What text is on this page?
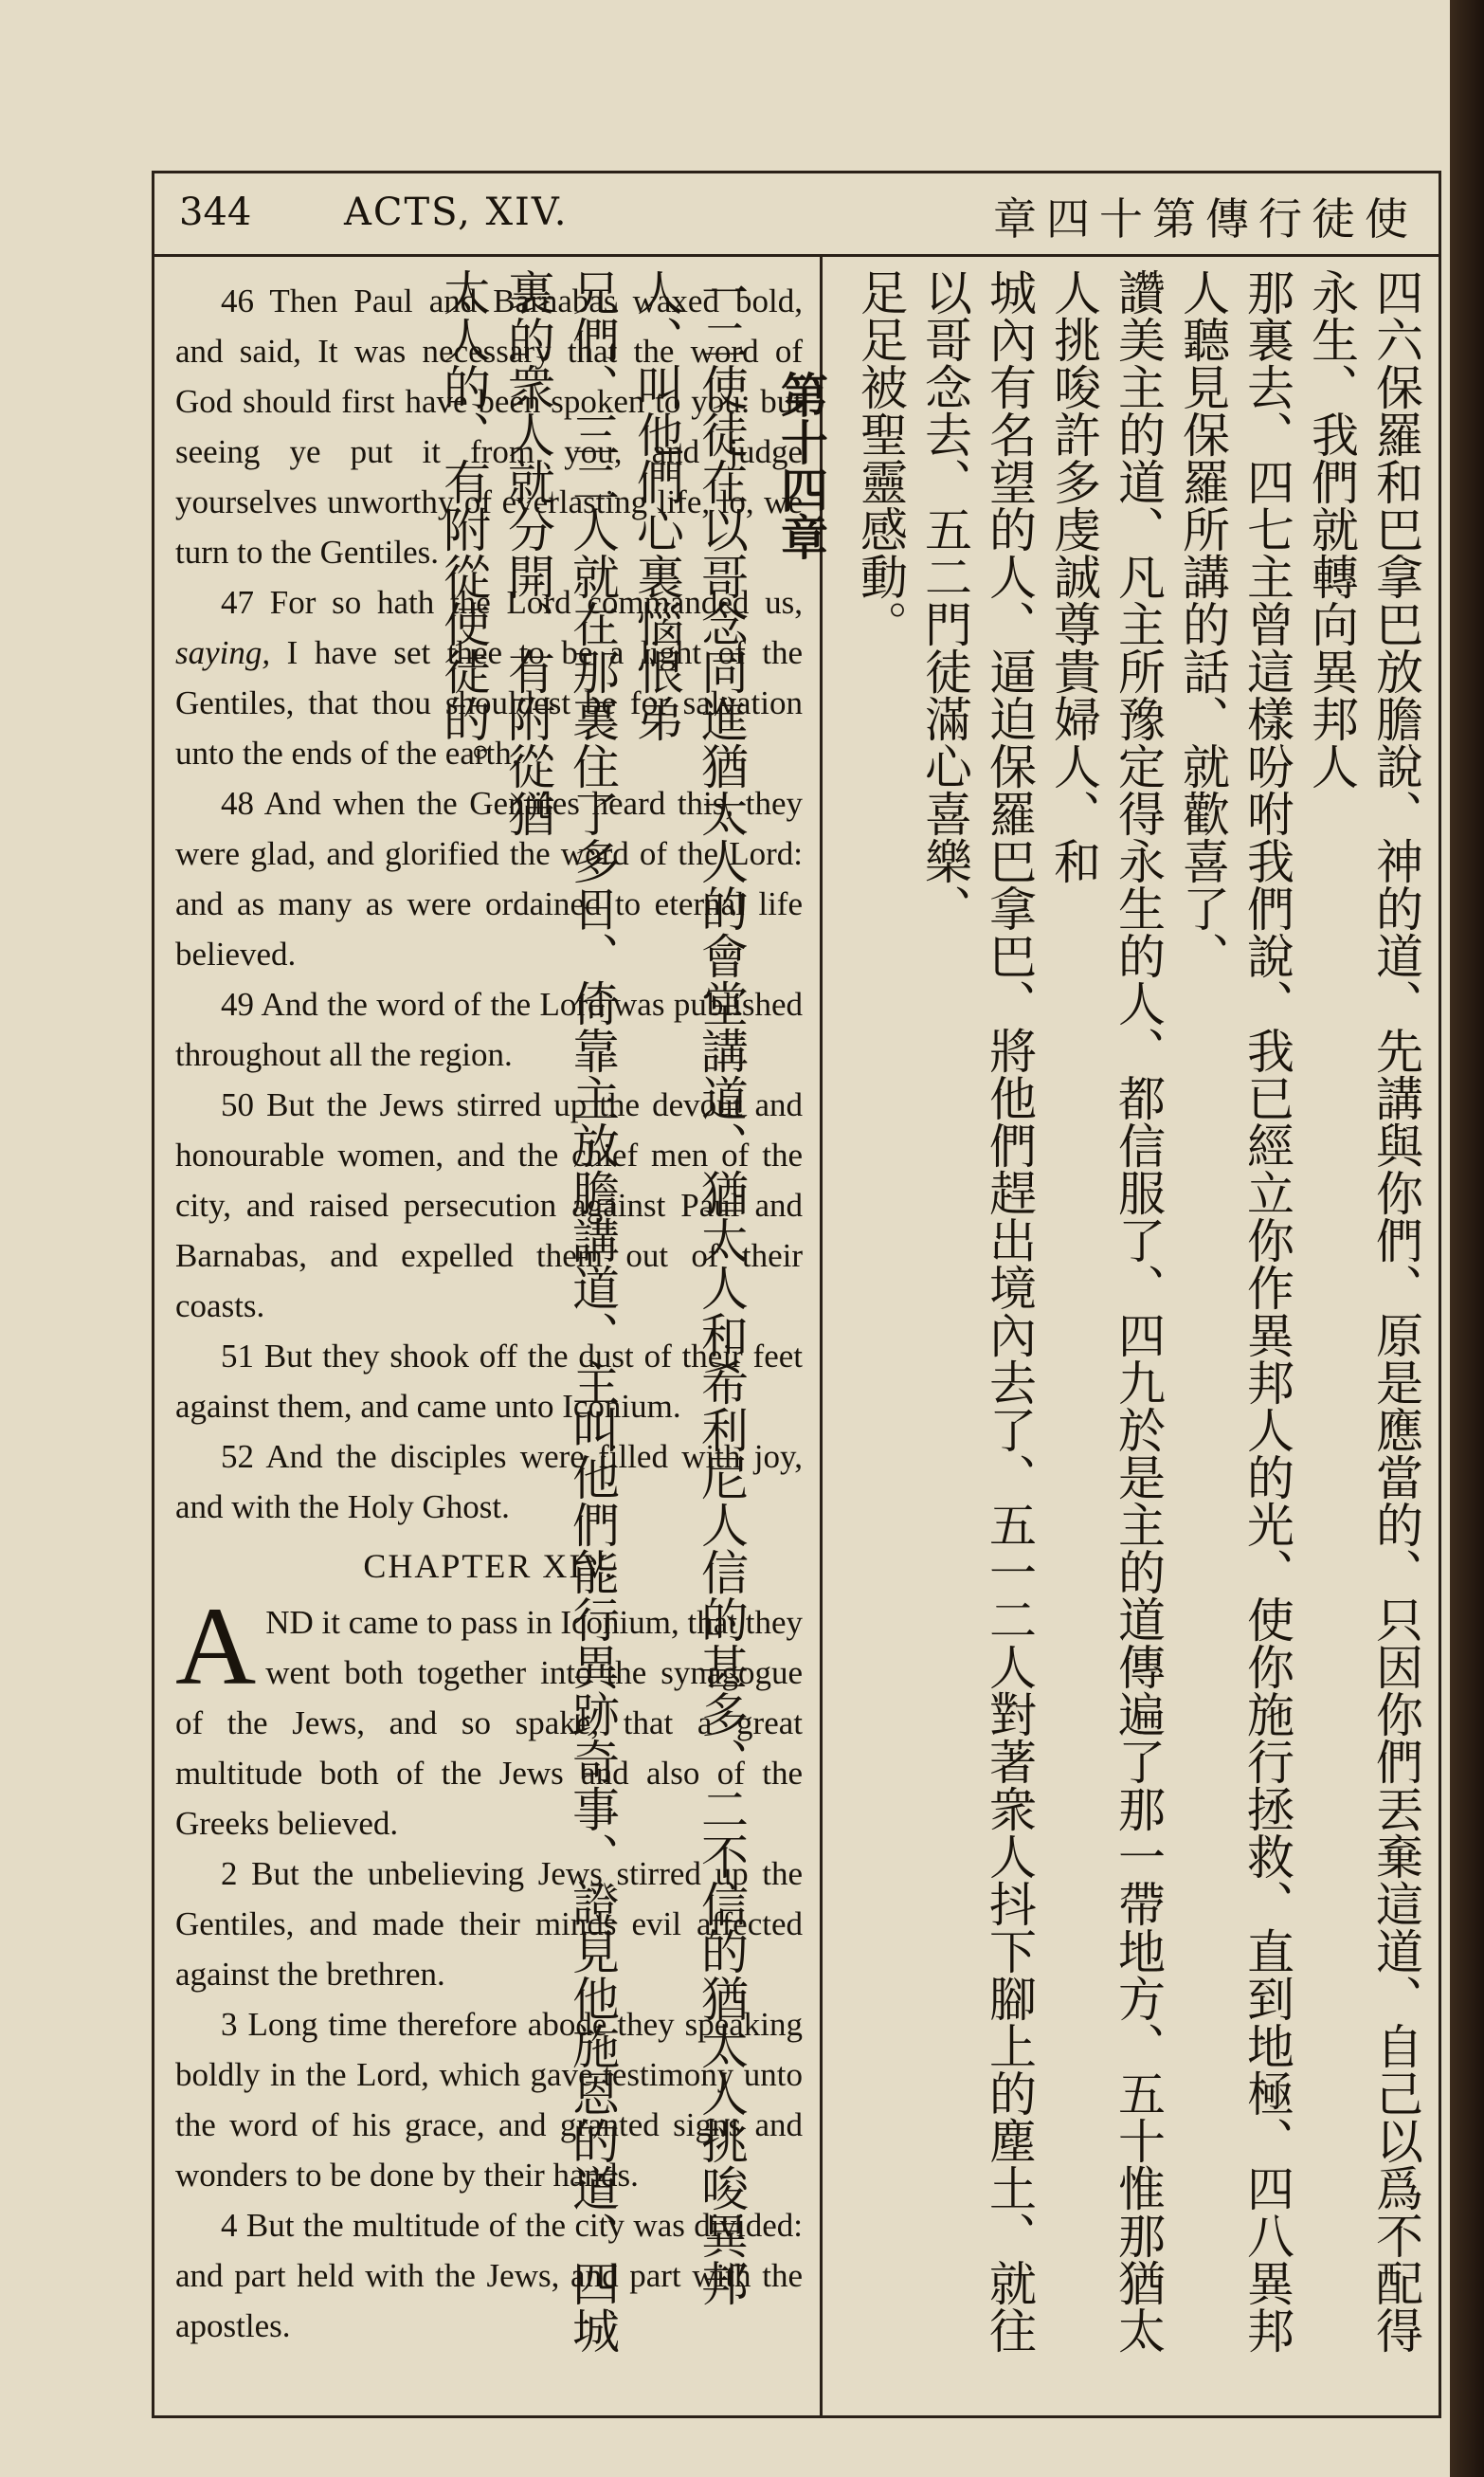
344 ACTS, XIV.	章四十第傳行徒使

46 Then Paul and Barnabas waxed bold, and said, It was necessary that the word of God should first have been spoken to you: but seeing ye put it from you, and judge yourselves unworthy of everlasting life, lo, we turn to the Gentiles.

47 For so hath the Lord commanded us, saying, I have set thee to be a light of the Gentiles, that thou shouldest be for salvation unto the ends of the earth.

48 And when the Gentiles heard this, they were glad, and glorified the word of the Lord: and as many as were ordained to eternal life believed.

49 And the word of the Lord was published throughout all the region.

50 But the Jews stirred up the devout and honourable women, and the chief men of the city, and raised persecution against Paul and Barnabas, and expelled them out of their coasts.

51 But they shook off the dust of their feet against them, and came unto Iconium.

52 And the disciples were filled with joy, and with the Holy Ghost.

CHAPTER XIV.

AND it came to pass in Iconium, that they went both together into the synagogue of the Jews, and so spake, that a great multitude both of the Jews and also of the Greeks believed.

2 But the unbelieving Jews stirred up the Gentiles, and made their minds evil affected against the brethren.

3 Long time therefore abode they speaking boldly in the Lord, which gave testimony unto the word of his grace, and granted signs and wonders to be done by their hands.

4 But the multitude of the city was divided: and part held with the Jews, and part with the apostles.	四六保羅和巴拿巴放膽說、神的道、先講與你們、原是應當的、只因你們丟棄這道、自己以爲不配得永生、我們就轉向異邦人
那裏去、四七主曾這樣吩咐我們說、我已經立你作異邦人的光、使你施行拯救、直到地極、四八異邦人聽見保羅所講的話、就歡喜了、
讚美主的道、凡主所豫定得永生的人、都信服了、四九於是主的道傳遍了那一帶地方、五十惟那猶太人挑唆許多虔誠尊貴婦人、和
城內有名望的人、逼迫保羅巴拿巴、將他們趕出境內去了、五一二人對著衆人抖下腳上的塵土、就往以哥念去、五二門徒滿心喜樂、
足足被聖靈感動。
第十四章
一二使徒在以哥念同進猶太人的會堂講道、猶太人和希利尼人信的甚多、二不信的猶太人挑唆異邦人、叫他們心裏惱恨弟
兄們、三二人就在那裏住了多日、倚靠主放膽講道、主叫他們能行異跡奇事、證見他施恩的道、四城裏的衆人就分開、有附從猶
太人的、有附從使徒的。
